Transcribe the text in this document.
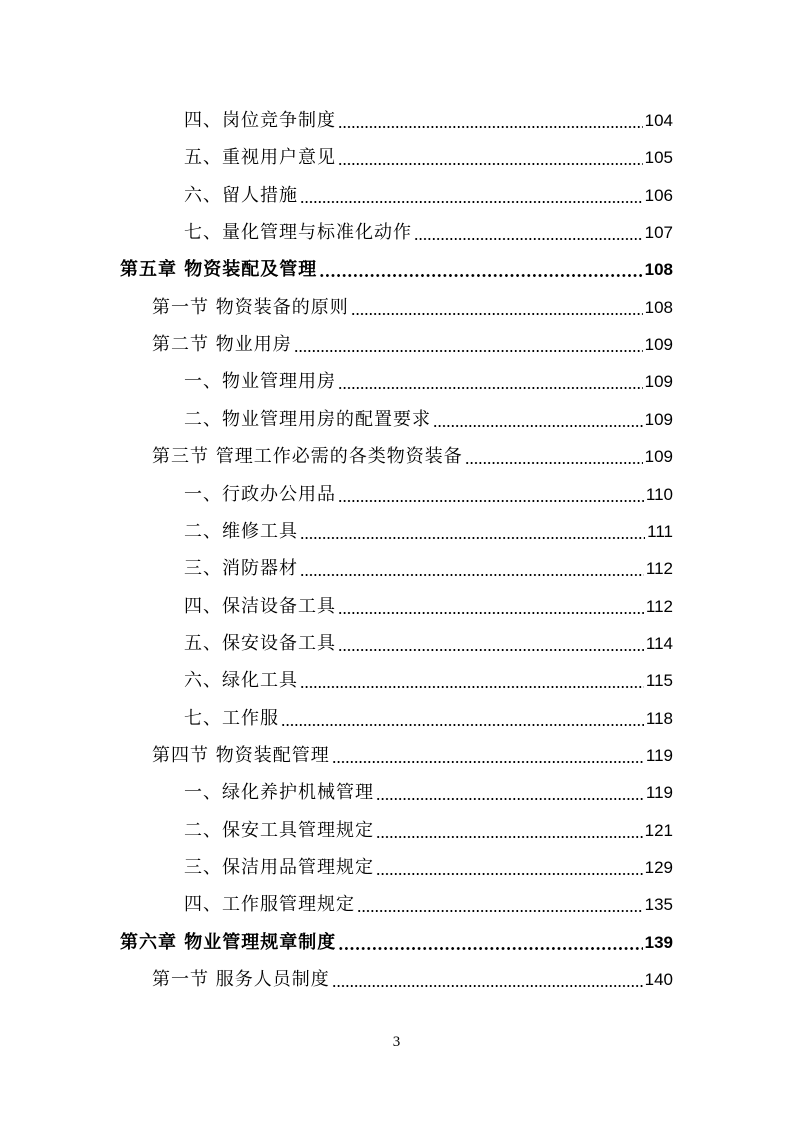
四、岗位竞争制度	104
五、重视用户意见	105
六、留人措施	106
七、量化管理与标准化动作	107
第五章 物资装配及管理	108
第一节 物资装备的原则	108
第二节 物业用房	109
一、物业管理用房	109
二、物业管理用房的配置要求	109
第三节 管理工作必需的各类物资装备	109
一、行政办公用品	110
二、维修工具	111
三、消防器材	112
四、保洁设备工具	112
五、保安设备工具	114
六、绿化工具	115
七、工作服	118
第四节 物资装配管理	119
一、绿化养护机械管理	119
二、保安工具管理规定	121
三、保洁用品管理规定	129
四、工作服管理规定	135
第六章 物业管理规章制度	139
第一节 服务人员制度	140
3
